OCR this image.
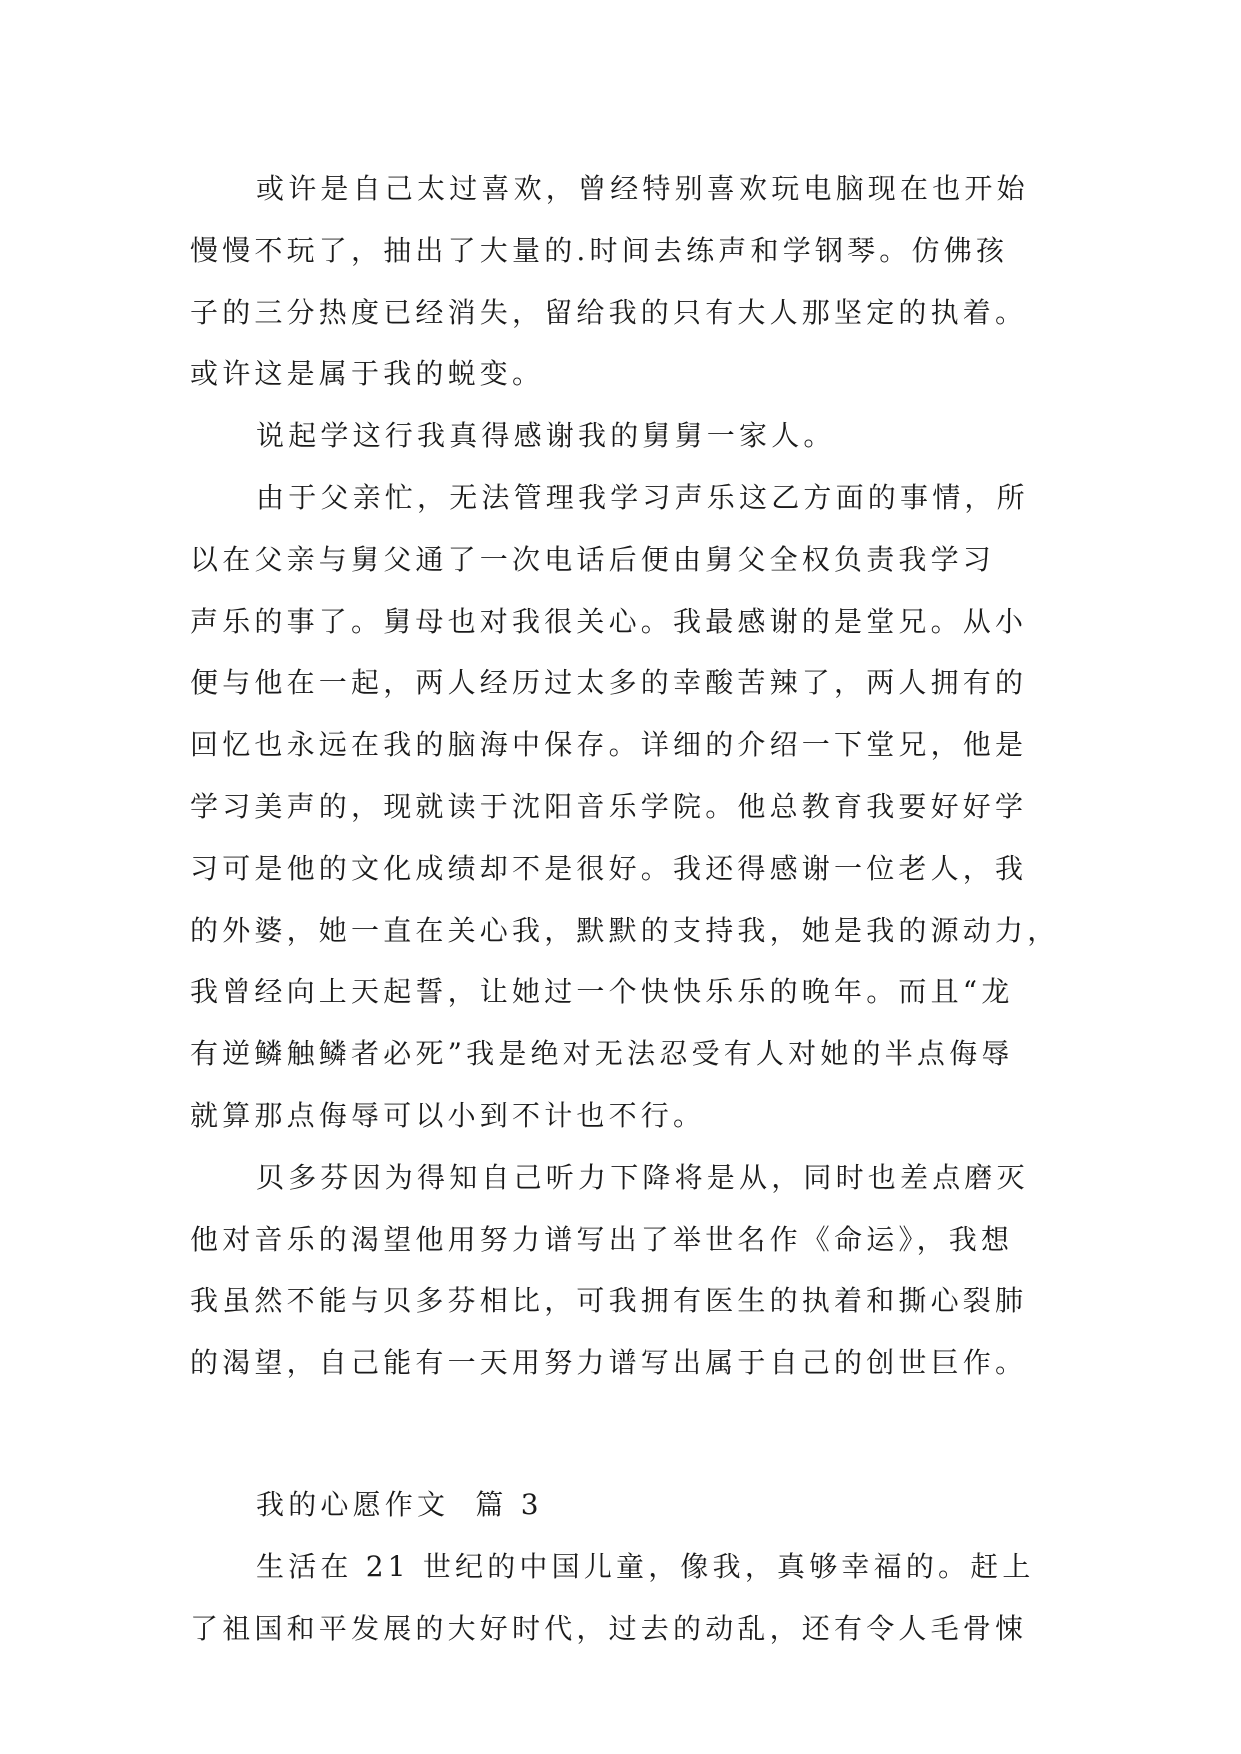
或许是自己太过喜欢，曾经特别喜欢玩电脑现在也开始
慢慢不玩了，抽出了大量的.时间去练声和学钢琴。仿佛孩
子的三分热度已经消失，留给我的只有大人那坚定的执着。
或许这是属于我的蜕变。
说起学这行我真得感谢我的舅舅一家人。
由于父亲忙，无法管理我学习声乐这乙方面的事情，所
以在父亲与舅父通了一次电话后便由舅父全权负责我学习
声乐的事了。舅母也对我很关心。我最感谢的是堂兄。从小
便与他在一起，两人经历过太多的幸酸苦辣了，两人拥有的
回忆也永远在我的脑海中保存。详细的介绍一下堂兄，他是
学习美声的，现就读于沈阳音乐学院。他总教育我要好好学
习可是他的文化成绩却不是很好。我还得感谢一位老人，我
的外婆，她一直在关心我，默默的支持我，她是我的源动力，
我曾经向上天起誓，让她过一个快快乐乐的晚年。而且“龙
有逆鳞触鳞者必死”我是绝对无法忍受有人对她的半点侮辱
就算那点侮辱可以小到不计也不行。
贝多芬因为得知自己听力下降将是从，同时也差点磨灭
他对音乐的渴望他用努力谱写出了举世名作《命运》，我想
我虽然不能与贝多芬相比，可我拥有医生的执着和撕心裂肺
的渴望，自己能有一天用努力谱写出属于自己的创世巨作。
我的心愿作文  篇 3
生活在 21 世纪的中国儿童，像我，真够幸福的。赶上
了祖国和平发展的大好时代，过去的动乱，还有令人毛骨悚
